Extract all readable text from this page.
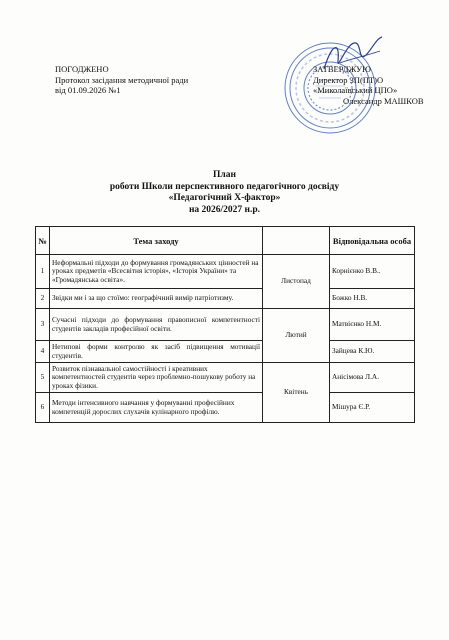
ПОГОДЖЕНО
Протокол засідання методичної ради
від 01.09.2026 №1
ЗАТВЕРДЖУЮ
Директор ЗП(ПТ)О
«Миколаївський ЦПО»
Олександр МАШКОВ
План
роботи Школи перспективного педагогічного досвіду
«Педагогічний Х-фактор»
на 2026/2027 н.р.
№	Тема заходу		Відповідальна особа
1	Неформальні підходи до формування громадянських цінностей на уроках предметів «Всесвітня історія», «Історія України» та «Громадянська освіта».	Листопад	Корнієнко В.В..
2	Звідки ми і за що стоїмо: географічний вимір патріотизму.		Божко Н.В.
3	Сучасні підходи до формування правописної компетентності студентів закладів професійної освіти.	Лютий	Матвієнко Н.М.
4	Нетипові форми контролю як засіб підвищення мотивації студентів.		Зайцева К.Ю.
5	Розвиток пізнавальної самостійності і креативних компетентностей студентів через проблемно-пошукову роботу на уроках фізики.	Квітень	Анісімова Л.А.
6	Методи інтенсивного навчання у формуванні професійних компетенцій дорослих слухачів кулінарного профілю.		Мішура Є.Р.
